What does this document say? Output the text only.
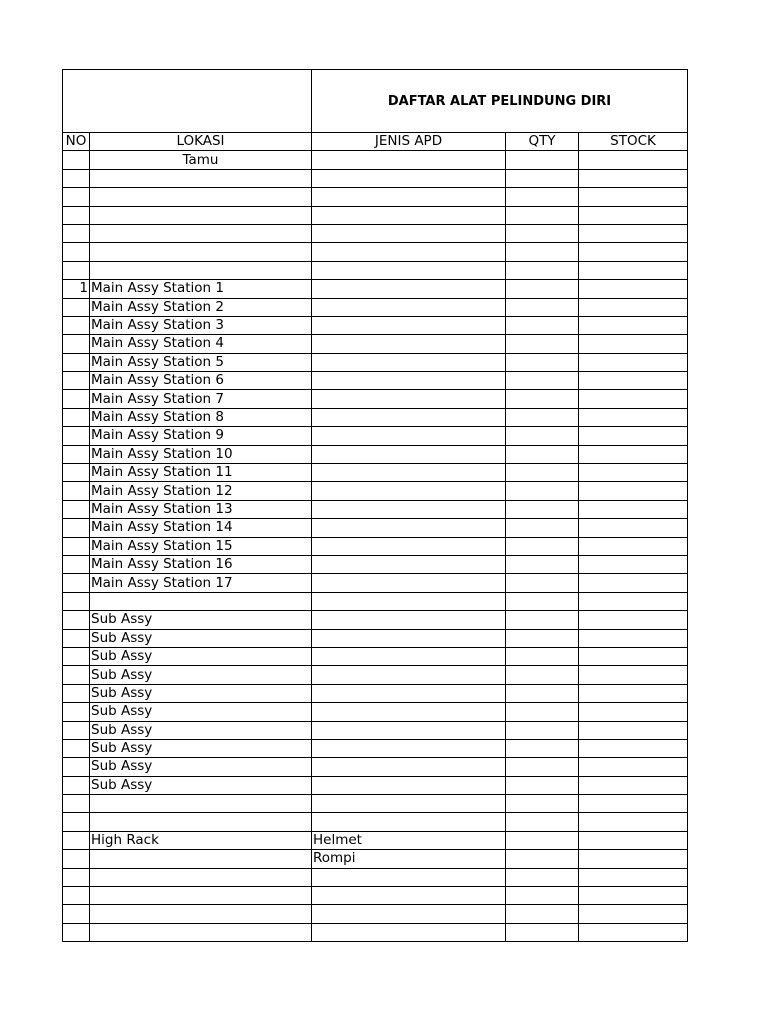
		DAFTAR ALAT PELINDUNG DIRI		
NO	LOKASI	JENIS APD	QTY	STOCK
	Tamu			

1	Main Assy Station 1			
	Main Assy Station 2			
	Main Assy Station 3			
	Main Assy Station 4			
	Main Assy Station 5			
	Main Assy Station 6			
	Main Assy Station 7			
	Main Assy Station 8			
	Main Assy Station 9			
	Main Assy Station 10			
	Main Assy Station 11			
	Main Assy Station 12			
	Main Assy Station 13			
	Main Assy Station 14			
	Main Assy Station 15			
	Main Assy Station 16			
	Main Assy Station 17			

	Sub Assy			
	Sub Assy			
	Sub Assy			
	Sub Assy			
	Sub Assy			
	Sub Assy			
	Sub Assy			
	Sub Assy			
	Sub Assy			
	Sub Assy			

	High Rack	Helmet		
		Rompi		
